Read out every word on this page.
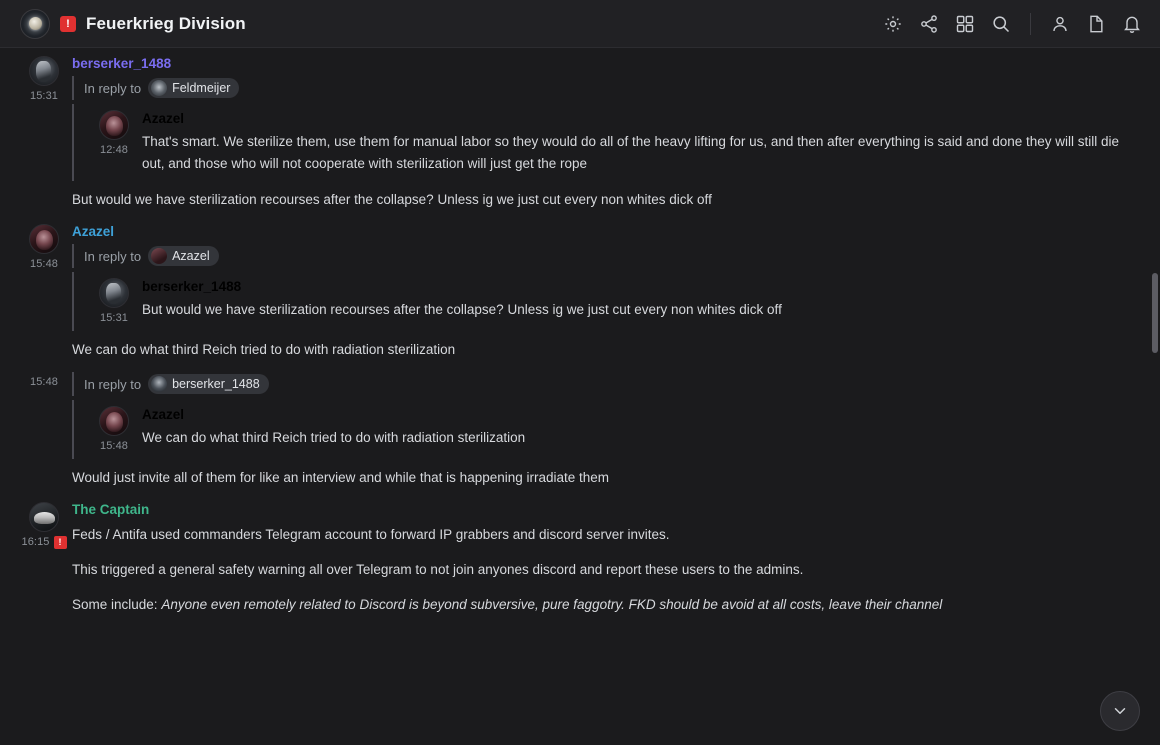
! Feuerkrieg Division
15:31
berserker_1488
In reply to Feldmeijer
12:48
Azazel
That's smart. We sterilize them, use them for manual labor so they would do all of the heavy lifting for us, and then after everything is said and done they will still die out, and those who will not cooperate with sterilization will just get the rope
But would we have sterilization recourses after the collapse? Unless ig we just cut every non whites dick off
15:48
Azazel
In reply to Azazel
15:31
berserker_1488
But would we have sterilization recourses after the collapse? Unless ig we just cut every non whites dick off
We can do what third Reich tried to do with radiation sterilization
15:48 In reply to berserker_1488
15:48
Azazel
We can do what third Reich tried to do with radiation sterilization
Would just invite all of them for like an interview and while that is happening irradiate them
16:15	!
The Captain
Feds / Antifa used commanders Telegram account to forward IP grabbers and discord server invites.
This triggered a general safety warning all over Telegram to not join anyones discord and report these users to the admins.
Some include: Anyone even remotely related to Discord is beyond subversive, pure faggotry. FKD should be avoid at all costs, leave their channel
